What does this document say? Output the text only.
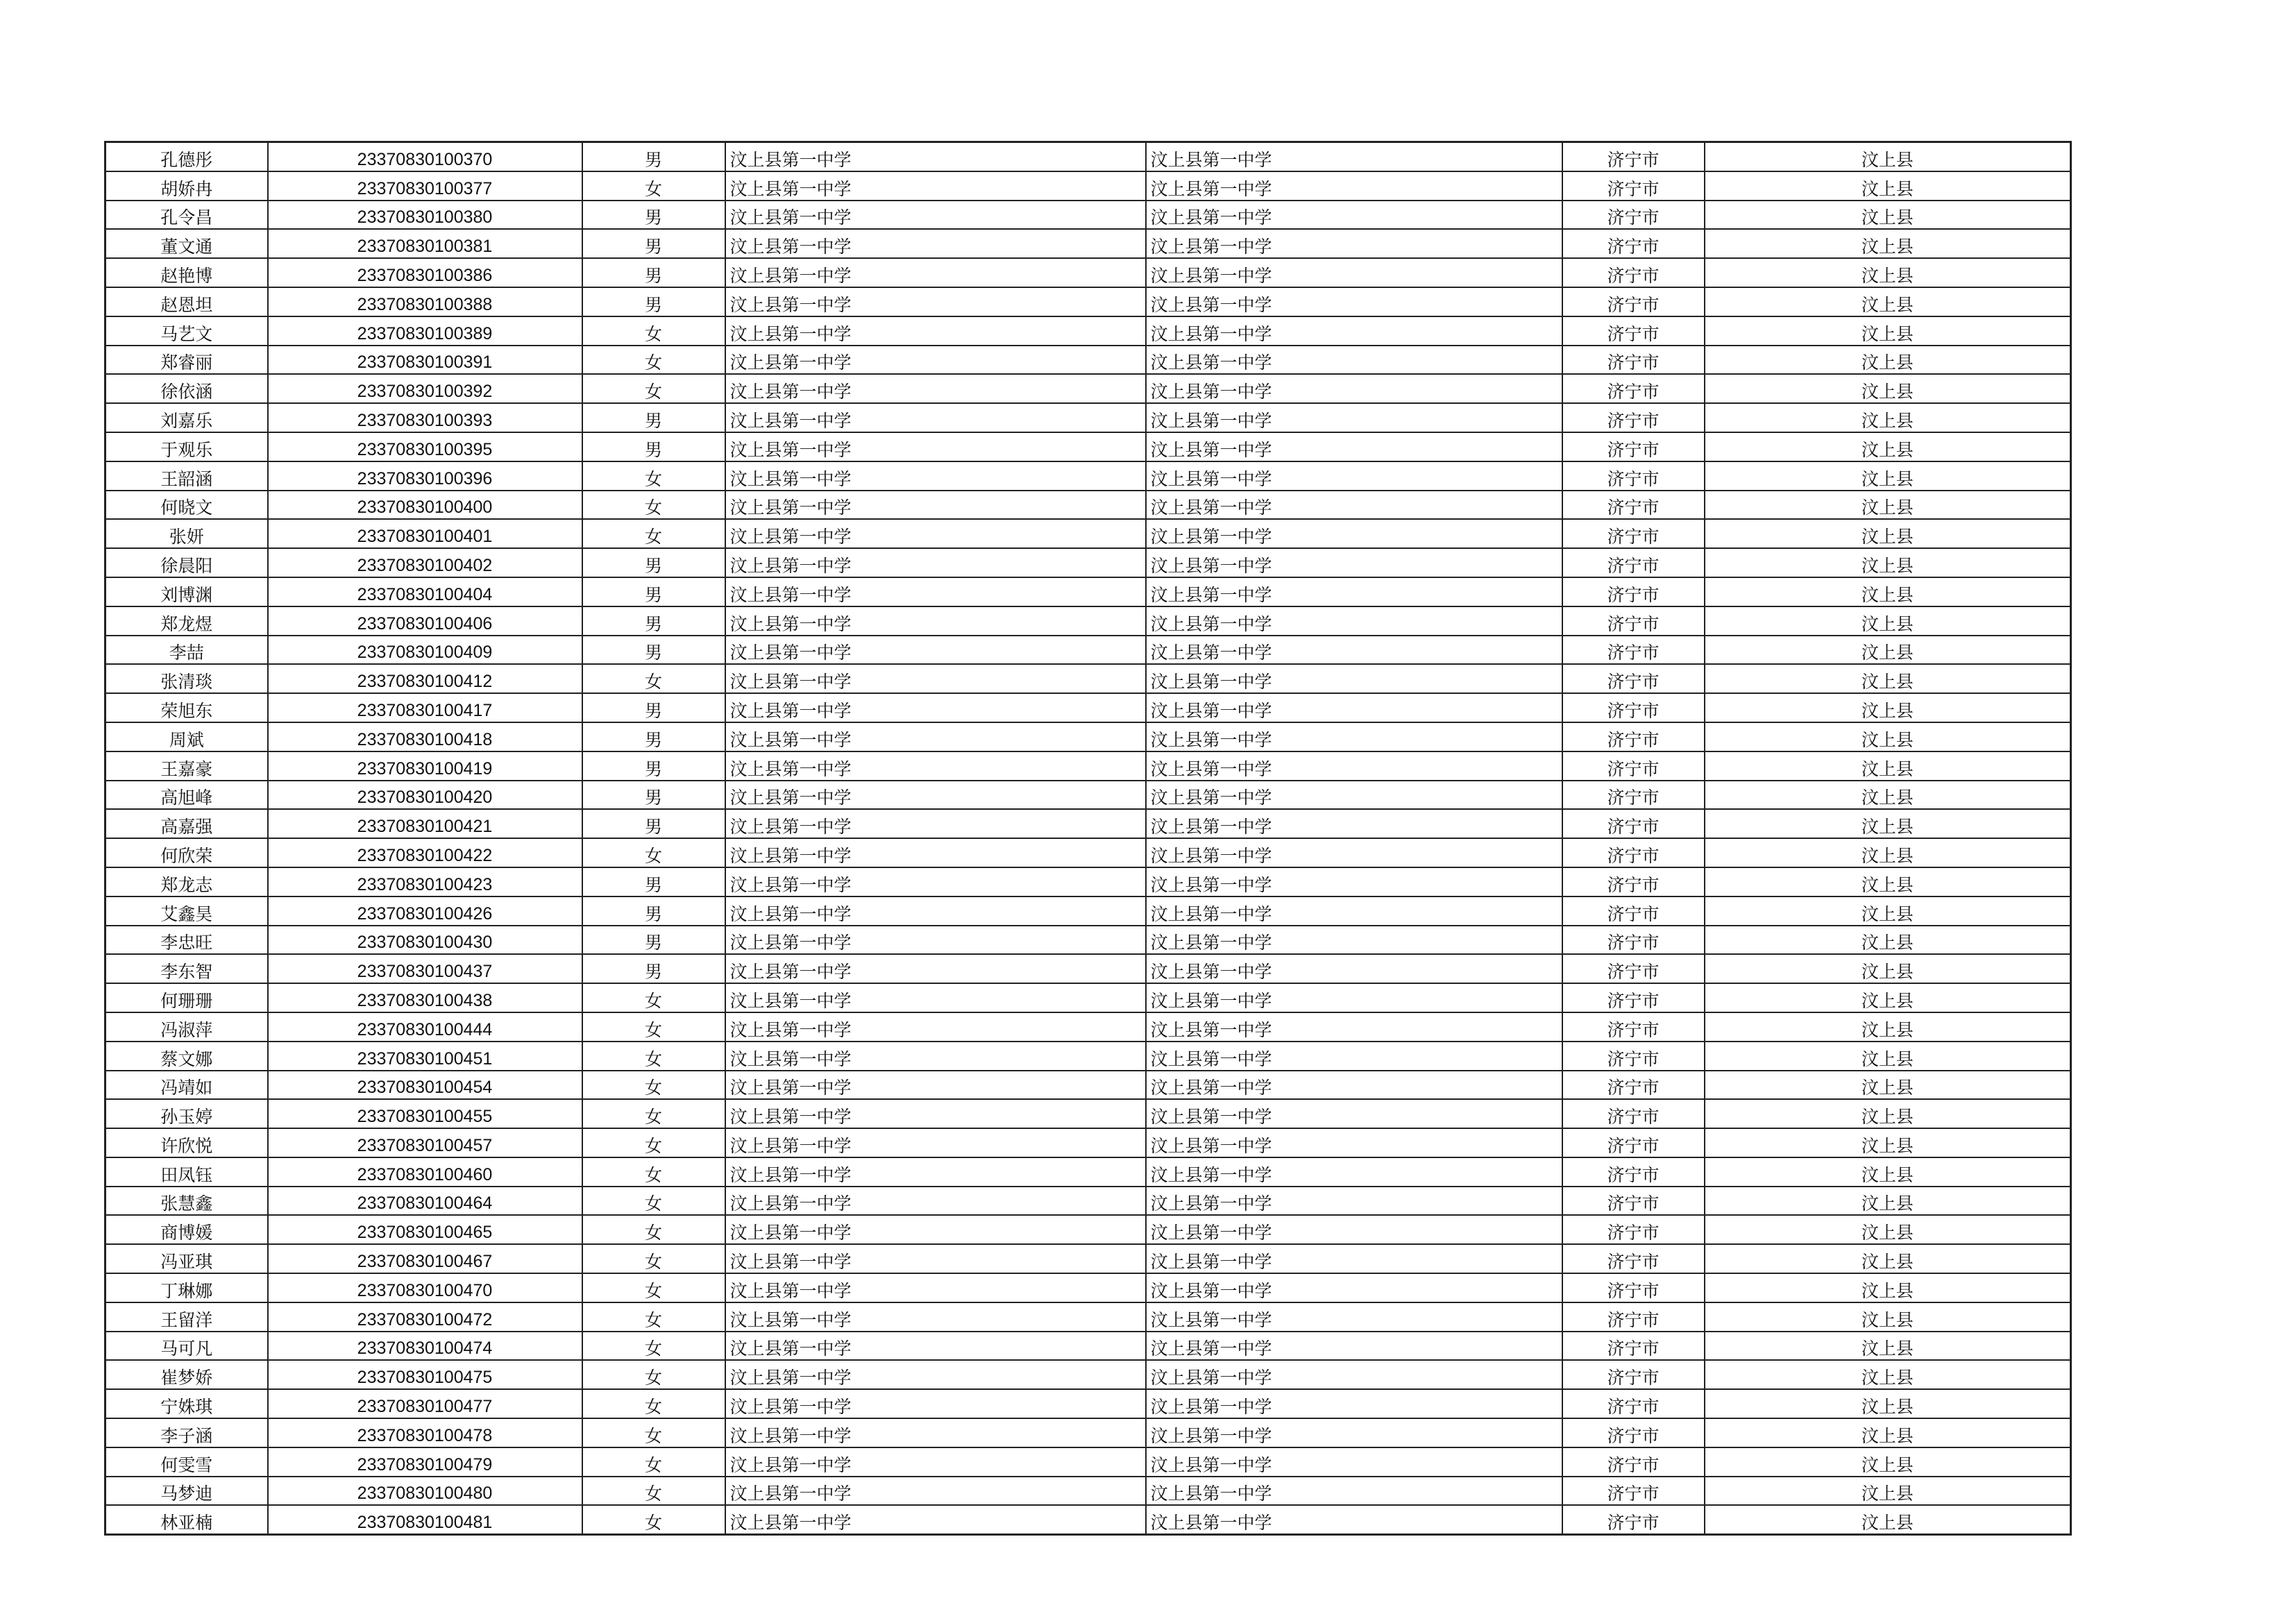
孔德彤	23370830100370	男	汶上县第一中学	汶上县第一中学	济宁市	汶上县
胡娇冉	23370830100377	女	汶上县第一中学	汶上县第一中学	济宁市	汶上县
孔令昌	23370830100380	男	汶上县第一中学	汶上县第一中学	济宁市	汶上县
董文通	23370830100381	男	汶上县第一中学	汶上县第一中学	济宁市	汶上县
赵艳博	23370830100386	男	汶上县第一中学	汶上县第一中学	济宁市	汶上县
赵恩坦	23370830100388	男	汶上县第一中学	汶上县第一中学	济宁市	汶上县
马艺文	23370830100389	女	汶上县第一中学	汶上县第一中学	济宁市	汶上县
郑睿丽	23370830100391	女	汶上县第一中学	汶上县第一中学	济宁市	汶上县
徐依涵	23370830100392	女	汶上县第一中学	汶上县第一中学	济宁市	汶上县
刘嘉乐	23370830100393	男	汶上县第一中学	汶上县第一中学	济宁市	汶上县
于观乐	23370830100395	男	汶上县第一中学	汶上县第一中学	济宁市	汶上县
王韶涵	23370830100396	女	汶上县第一中学	汶上县第一中学	济宁市	汶上县
何晓文	23370830100400	女	汶上县第一中学	汶上县第一中学	济宁市	汶上县
张妍	23370830100401	女	汶上县第一中学	汶上县第一中学	济宁市	汶上县
徐晨阳	23370830100402	男	汶上县第一中学	汶上县第一中学	济宁市	汶上县
刘博渊	23370830100404	男	汶上县第一中学	汶上县第一中学	济宁市	汶上县
郑龙煜	23370830100406	男	汶上县第一中学	汶上县第一中学	济宁市	汶上县
李喆	23370830100409	男	汶上县第一中学	汶上县第一中学	济宁市	汶上县
张清琰	23370830100412	女	汶上县第一中学	汶上县第一中学	济宁市	汶上县
荣旭东	23370830100417	男	汶上县第一中学	汶上县第一中学	济宁市	汶上县
周斌	23370830100418	男	汶上县第一中学	汶上县第一中学	济宁市	汶上县
王嘉豪	23370830100419	男	汶上县第一中学	汶上县第一中学	济宁市	汶上县
高旭峰	23370830100420	男	汶上县第一中学	汶上县第一中学	济宁市	汶上县
高嘉强	23370830100421	男	汶上县第一中学	汶上县第一中学	济宁市	汶上县
何欣荣	23370830100422	女	汶上县第一中学	汶上县第一中学	济宁市	汶上县
郑龙志	23370830100423	男	汶上县第一中学	汶上县第一中学	济宁市	汶上县
艾鑫昊	23370830100426	男	汶上县第一中学	汶上县第一中学	济宁市	汶上县
李忠旺	23370830100430	男	汶上县第一中学	汶上县第一中学	济宁市	汶上县
李东智	23370830100437	男	汶上县第一中学	汶上县第一中学	济宁市	汶上县
何珊珊	23370830100438	女	汶上县第一中学	汶上县第一中学	济宁市	汶上县
冯淑萍	23370830100444	女	汶上县第一中学	汶上县第一中学	济宁市	汶上县
蔡文娜	23370830100451	女	汶上县第一中学	汶上县第一中学	济宁市	汶上县
冯靖如	23370830100454	女	汶上县第一中学	汶上县第一中学	济宁市	汶上县
孙玉婷	23370830100455	女	汶上县第一中学	汶上县第一中学	济宁市	汶上县
许欣悦	23370830100457	女	汶上县第一中学	汶上县第一中学	济宁市	汶上县
田凤钰	23370830100460	女	汶上县第一中学	汶上县第一中学	济宁市	汶上县
张慧鑫	23370830100464	女	汶上县第一中学	汶上县第一中学	济宁市	汶上县
商博媛	23370830100465	女	汶上县第一中学	汶上县第一中学	济宁市	汶上县
冯亚琪	23370830100467	女	汶上县第一中学	汶上县第一中学	济宁市	汶上县
丁琳娜	23370830100470	女	汶上县第一中学	汶上县第一中学	济宁市	汶上县
王留洋	23370830100472	女	汶上县第一中学	汶上县第一中学	济宁市	汶上县
马可凡	23370830100474	女	汶上县第一中学	汶上县第一中学	济宁市	汶上县
崔梦娇	23370830100475	女	汶上县第一中学	汶上县第一中学	济宁市	汶上县
宁姝琪	23370830100477	女	汶上县第一中学	汶上县第一中学	济宁市	汶上县
李子涵	23370830100478	女	汶上县第一中学	汶上县第一中学	济宁市	汶上县
何雯雪	23370830100479	女	汶上县第一中学	汶上县第一中学	济宁市	汶上县
马梦迪	23370830100480	女	汶上县第一中学	汶上县第一中学	济宁市	汶上县
林亚楠	23370830100481	女	汶上县第一中学	汶上县第一中学	济宁市	汶上县
